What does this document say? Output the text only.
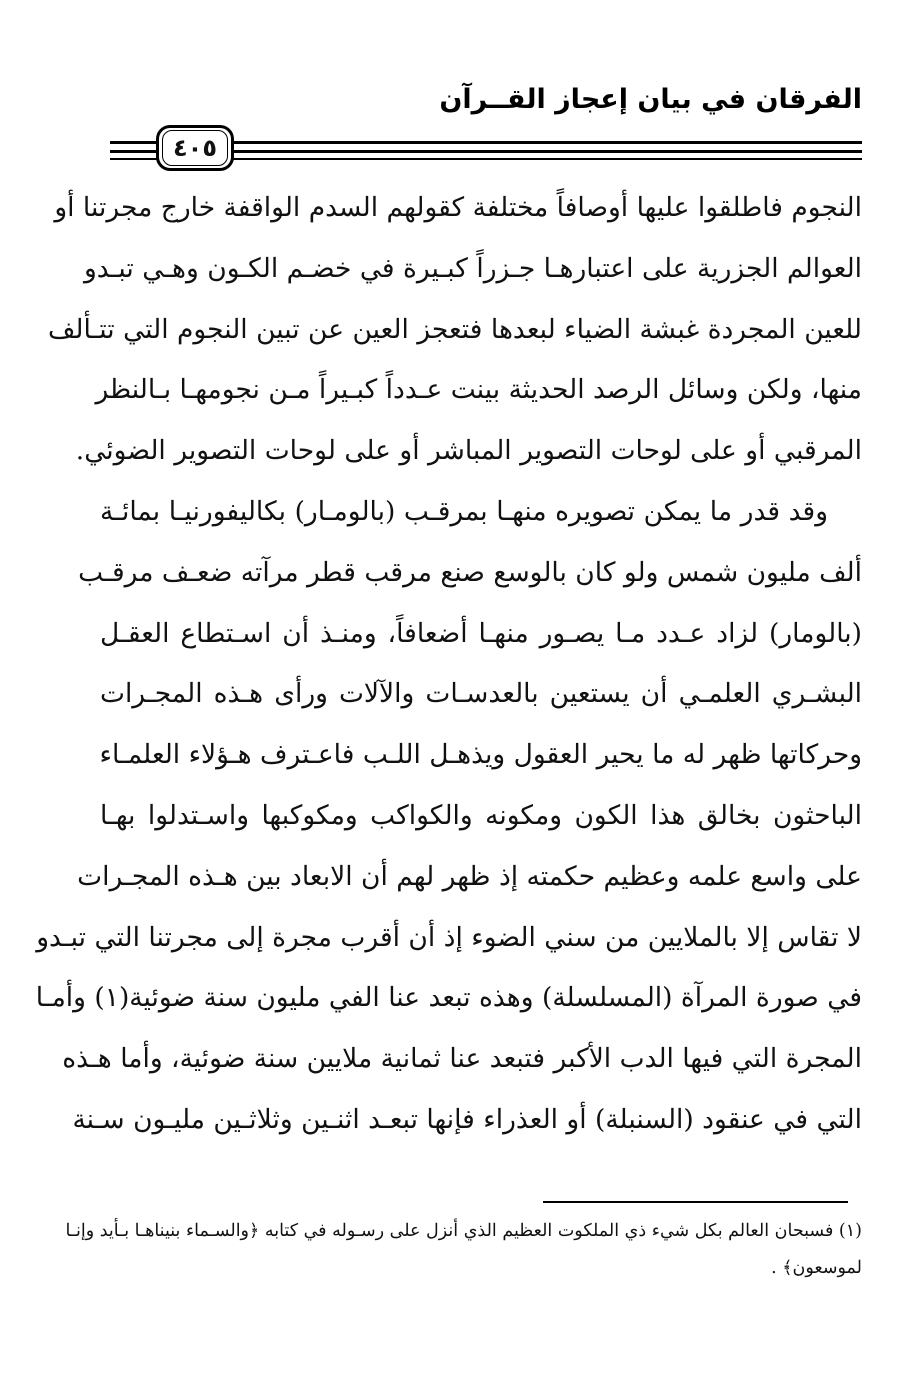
الفرقان في بيان إعجاز القــرآن
٤٠٥
النجوم فاطلقوا عليها أوصافاً مختلفة كقولهم السدم الواقفة خارج مجرتنا أو
العوالم الجزرية على اعتبارهـا جـزراً كبـيرة في خضـم الكـون وهـي تبـدو
للعين المجردة غبشة الضياء لبعدها فتعجز العين عن تبين النجوم التي تتـألف
منها، ولكن وسائل الرصد الحديثة بينت عـدداً كبـيراً مـن نجومهـا بـالنظر
المرقبي أو على لوحات التصوير المباشر أو على لوحات التصوير الضوئي.
وقد قدر ما يمكن تصويره منهـا بمرقـب (بالومـار) بكاليفورنيـا بمائـة
ألف مليون شمس ولو كان بالوسع صنع مرقب قطر مرآته ضعـف مرقـب
(بالومار) لزاد عـدد مـا يصـور منهـا أضعافاً، ومنـذ أن اسـتطاع العقـل
البشـري العلمـي أن يستعين بالعدسـات والآلات ورأى هـذه المجـرات
وحركاتها ظهر له ما يحير العقول ويذهـل اللـب فاعـترف هـؤلاء العلمـاء
الباحثون بخالق هذا الكون ومكونه والكواكب ومكوكبها واسـتدلوا بهـا
على واسع علمه وعظيم حكمته إذ ظهر لهم أن الابعاد بين هـذه المجـرات
لا تقاس إلا بالملايين من سني الضوء إذ أن أقرب مجرة إلى مجرتنا التي تبـدو
في صورة المرآة (المسلسلة) وهذه تبعد عنا الفي مليون سنة ضوئية(١) وأمـا
المجرة التي فيها الدب الأكبر فتبعد عنا ثمانية ملايين سنة ضوئية، وأما هـذه
التي في عنقود (السنبلة) أو العذراء فإنها تبعـد اثنـين وثلاثـين مليـون سـنة
(١) فسبحان العالم بكل شيء ذي الملكوت العظيم الذي أنزل على رسـوله في كتابه ﴿والسـماء بنيناهـا بـأيد وإنـا
لموسعون﴾ .
